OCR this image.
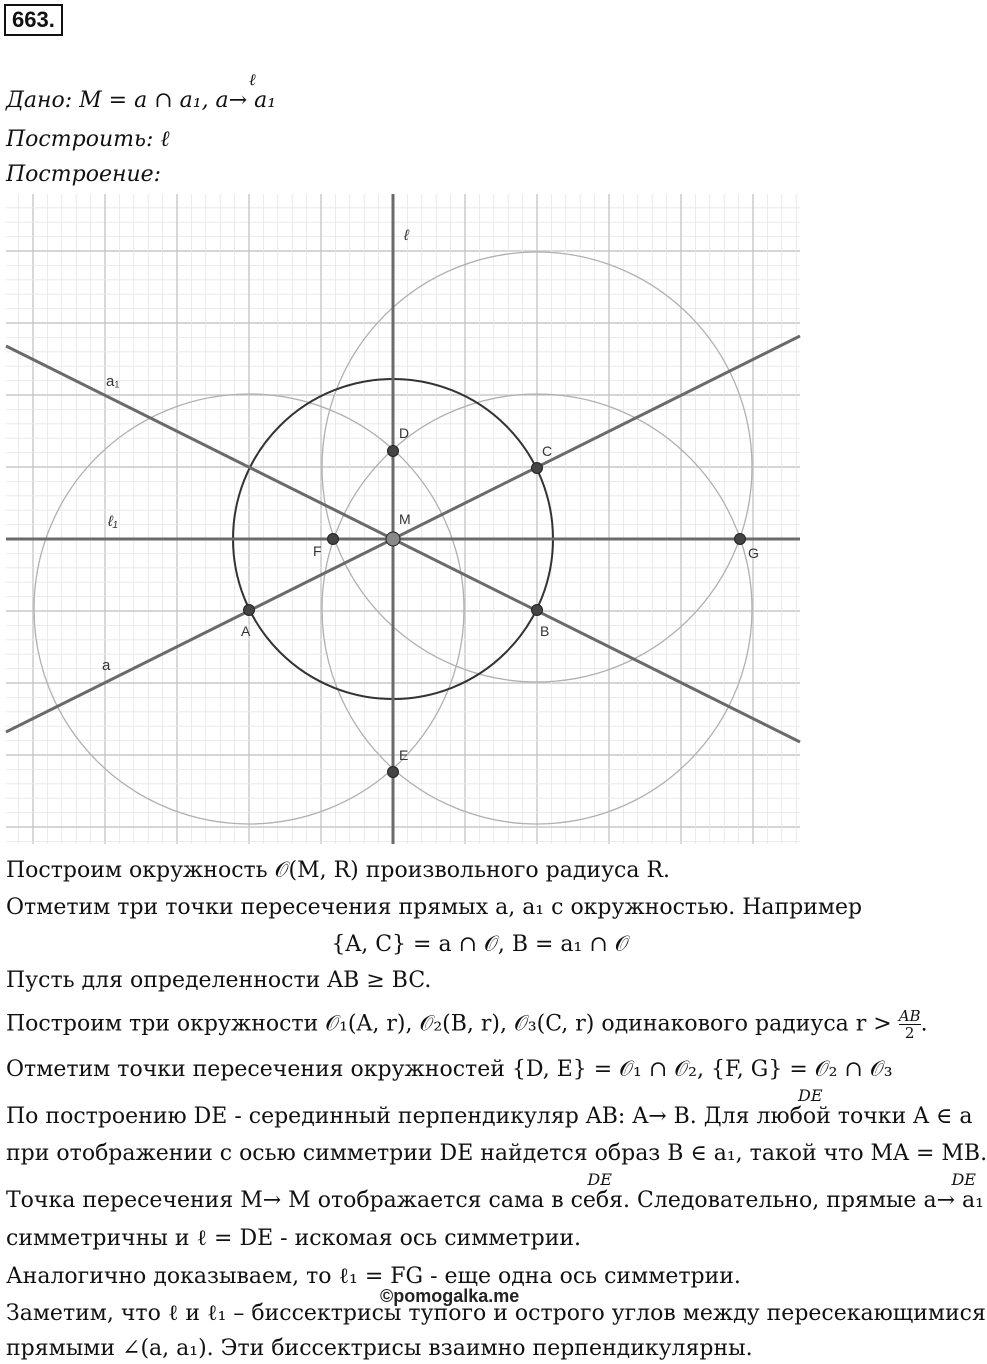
663.
Дано: M = a ∩ a₁, a
ℓ
→ a₁
Построить: ℓ
Построение:
ℓ
ℓ₁
a
a₁
A	B
C
D
E
F	G
M
Построим окружность 𝒪(M, R) произвольного радиуса R.
Отметим три точки пересечения прямых a, a₁ с окружностью. Например
{A, C} = a ∩ 𝒪, B = a₁ ∩ 𝒪
Пусть для определенности AB ≥ BC.
Построим три окружности 𝒪₁(A, r), 𝒪₂(B, r), 𝒪₃(C, r) одинакового радиуса $r > \frac{AB}{2}$ .
Отметим точки пересечения окружностей {D, E} = 𝒪₁ ∩ 𝒪₂, {F, G} = 𝒪₂ ∩ 𝒪₃
По построению DE - серединный перпендикуляр AB: A
DE
→ B. Для любой точки A ∈ a
при отображении с осью симметрии DE найдется образ B ∈ a₁, такой что MA = MB.
Точка пересечения M
DE
→ M отображается сама в себя. Следовательно, прямые a
DE
→ a₁
симметричны и ℓ = DE - искомая ось симметрии.
Аналогично доказываем, то ℓ₁ = FG - еще одна ось симметрии.
Заметим, что ℓ и ℓ₁ – биссектрисы тупого и острого углов между пересекающимися
прямыми ∠(a, a₁). Эти биссектрисы взаимно перпендикулярны.
©pomogalka.me
